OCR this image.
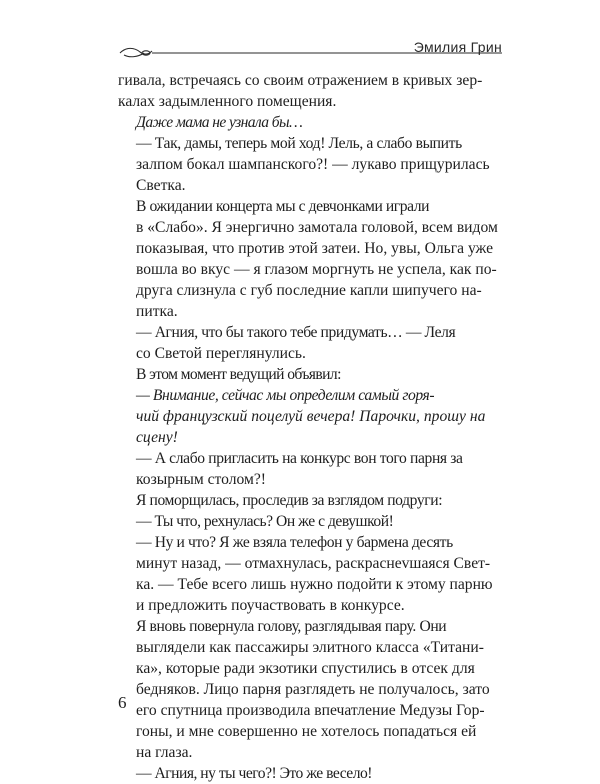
Эмилия Грин

гивала, встречаясь со своим отражением в кривых зер-
калах задымленного помещения.

Даже мама не узнала бы…

— Так, дамы, теперь мой ход! Лель, а слабо выпить
залпом бокал шампанского?! — лукаво прищурилась
Светка.

В ожидании концерта мы с девчонками играли
в «Слабо». Я энергично замотала головой, всем видом
показывая, что против этой затеи. Но, увы, Ольга уже
вошла во вкус — я глазом моргнуть не успела, как по-
друга слизнула с губ последние капли шипучего на-
питка.

— Агния, что бы такого тебе придумать… — Леля
со Светой переглянулись.

В этом момент ведущий объявил:

— Внимание, сейчас мы определим самый горя-
чий французский поцелуй вечера! Парочки, прошу на
сцену!

— А слабо пригласить на конкурс вон того парня за
козырным столом?!

Я поморщилась, проследив за взглядом подруги:

— Ты что, рехнулась? Он же с девушкой!

— Ну и что? Я же взяла телефон у бармена десять
минут назад, — отмахнулась, раскраснevшаяся Свет-
ка. — Тебе всего лишь нужно подойти к этому парню
и предложить поучаствовать в конкурсе.

Я вновь повернула голову, разглядывая пару. Они
выглядели как пассажиры элитного класса «Титани-
ка», которые ради экзотики спустились в отсек для
бедняков. Лицо парня разглядеть не получалось, зато
его спутница производила впечатление Медузы Гор-
гоны, и мне совершенно не хотелось попадаться ей
на глаза.

— Агния, ну ты чего?! Это же весело!

6
